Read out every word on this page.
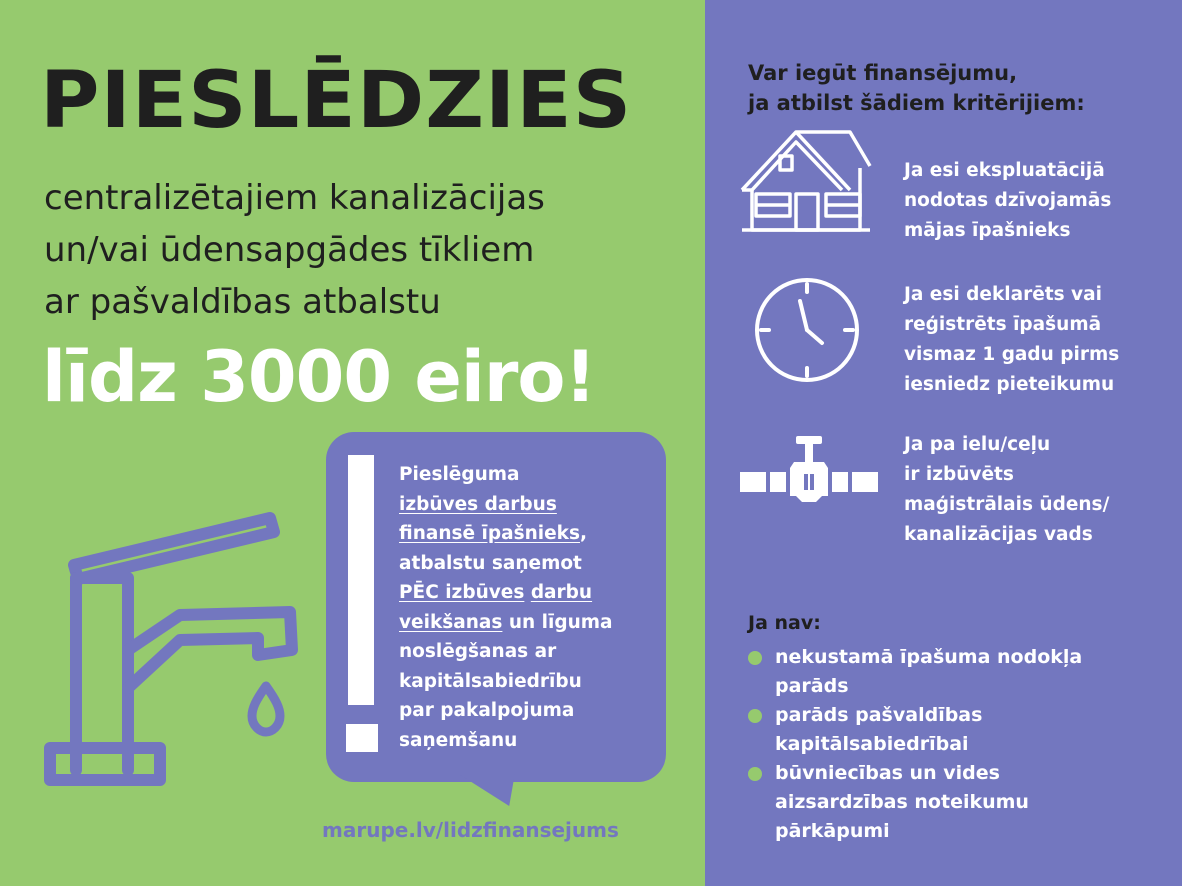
PIESLĒDZIES
centralizētajiem kanalizācijas
un/vai ūdensapgādes tīkliem
ar pašvaldības atbalstu
līdz 3000 eiro!
Pieslēguma
izbūves darbus
finansē īpašnieks,
atbalstu saņemot
PĒC izbūves darbu
veikšanas un līguma
noslēgšanas ar
kapitālsabiedrību
par pakalpojuma
saņemšanu
marupe.lv/lidzfinansejums
Var iegūt finansējumu,
ja atbilst šādiem kritērijiem:
Ja esi ekspluatācijā
nodotas dzīvojamās
mājas īpašnieks
Ja esi deklarēts vai
reģistrēts īpašumā
vismaz 1 gadu pirms
iesniedz pieteikumu
Ja pa ielu/ceļu
ir izbūvēts
maģistrālais ūdens/
kanalizācijas vads
Ja nav:
nekustamā īpašuma nodokļa
parāds
parāds pašvaldības
kapitālsabiedrībai
būvniecības un vides
aizsardzības noteikumu
pārkāpumi
